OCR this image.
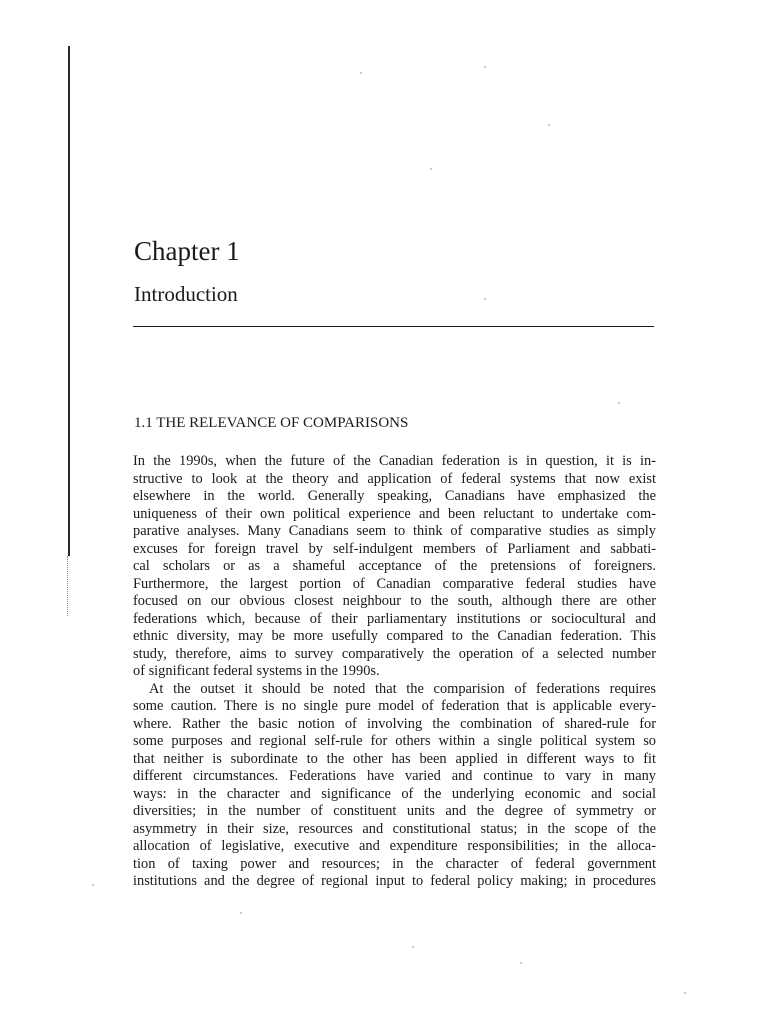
Chapter 1
Introduction
1.1 THE RELEVANCE OF COMPARISONS
In the 1990s, when the future of the Canadian federation is in question, it is in-
structive to look at the theory and application of federal systems that now exist
elsewhere in the world. Generally speaking, Canadians have emphasized the
uniqueness of their own political experience and been reluctant to undertake com-
parative analyses. Many Canadians seem to think of comparative studies as simply
excuses for foreign travel by self-indulgent members of Parliament and sabbati-
cal scholars or as a shameful acceptance of the pretensions of foreigners.
Furthermore, the largest portion of Canadian comparative federal studies have
focused on our obvious closest neighbour to the south, although there are other
federations which, because of their parliamentary institutions or sociocultural and
ethnic diversity, may be more usefully compared to the Canadian federation. This
study, therefore, aims to survey comparatively the operation of a selected number
of significant federal systems in the 1990s.
At the outset it should be noted that the comparision of federations requires
some caution. There is no single pure model of federation that is applicable every-
where. Rather the basic notion of involving the combination of shared-rule for
some purposes and regional self-rule for others within a single political system so
that neither is subordinate to the other has been applied in different ways to fit
different circumstances. Federations have varied and continue to vary in many
ways: in the character and significance of the underlying economic and social
diversities; in the number of constituent units and the degree of symmetry or
asymmetry in their size, resources and constitutional status; in the scope of the
allocation of legislative, executive and expenditure responsibilities; in the alloca-
tion of taxing power and resources; in the character of federal government
institutions and the degree of regional input to federal policy making; in procedures
